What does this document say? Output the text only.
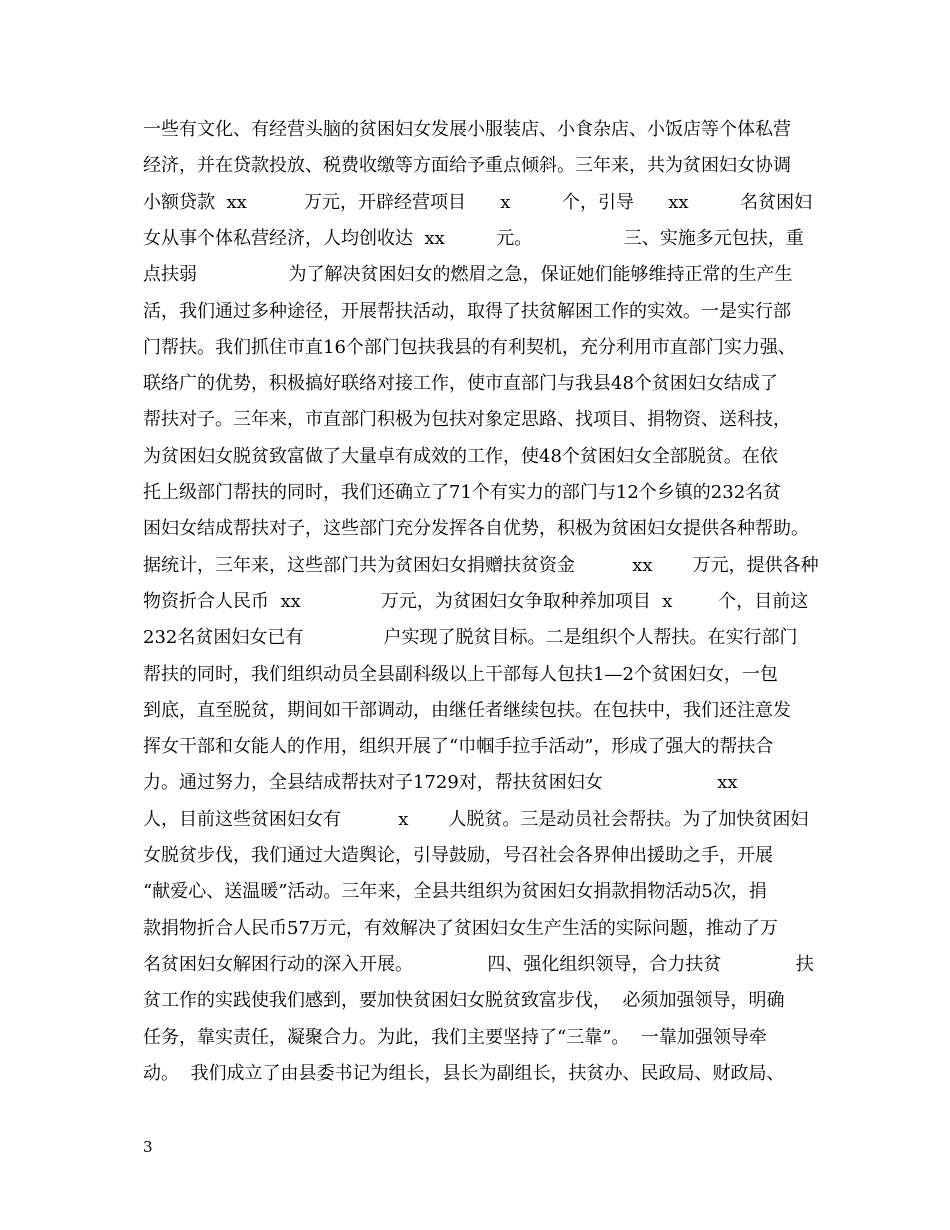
一些有文化、有经营头脑的贫困妇女发展小服装店、小食杂店、小饭店等个体私营
经济，并在贷款投放、税费收缴等方面给予重点倾斜。三年来，共为贫困妇女协调
小额贷款  xx          万元，开辟经营项目      x         个，引导      xx         名贫困妇
女从事个体私营经济，人均创收达  xx         元。                三、实施多元包扶，重
点扶弱                为了解决贫困妇女的燃眉之急，保证她们能够维持正常的生产生
活，我们通过多种途径，开展帮扶活动，取得了扶贫解困工作的实效。一是实行部
门帮扶。我们抓住市直16个部门包扶我县的有利契机，充分利用市直部门实力强、
联络广的优势，积极搞好联络对接工作，使市直部门与我县48个贫困妇女结成了
帮扶对子。三年来，市直部门积极为包扶对象定思路、找项目、捐物资、送科技，
为贫困妇女脱贫致富做了大量卓有成效的工作，使48个贫困妇女全部脱贫。在依
托上级部门帮扶的同时，我们还确立了71个有实力的部门与12个乡镇的232名贫
困妇女结成帮扶对子，这些部门充分发挥各自优势，积极为贫困妇女提供各种帮助。
据统计，三年来，这些部门共为贫困妇女捐赠扶贫资金          xx       万元，提供各种
物资折合人民币  xx              万元，为贫困妇女争取种养加项目  x        个，目前这
232名贫困妇女已有              户实现了脱贫目标。二是组织个人帮扶。在实行部门
帮扶的同时，我们组织动员全县副科级以上干部每人包扶1—2个贫困妇女，一包
到底，直至脱贫，期间如干部调动，由继任者继续包扶。在包扶中，我们还注意发
挥女干部和女能人的作用，组织开展了“巾帼手拉手活动”，形成了强大的帮扶合
力。通过努力，全县结成帮扶对子1729对，帮扶贫困妇女                    xx
人，目前这些贫困妇女有          x       人脱贫。三是动员社会帮扶。为了加快贫困妇
女脱贫步伐，我们通过大造舆论，引导鼓励，号召社会各界伸出援助之手，开展
“献爱心、送温暖”活动。三年来，全县共组织为贫困妇女捐款捐物活动5次，捐
款捐物折合人民币57万元，有效解决了贫困妇女生产生活的实际问题，推动了万
名贫困妇女解困行动的深入开展。             四、强化组织领导，合力扶贫             扶
贫工作的实践使我们感到，要加快贫困妇女脱贫致富步伐，  必须加强领导，明确
任务，靠实责任，凝聚合力。为此，我们主要坚持了“三靠”。  一靠加强领导牵
动。  我们成立了由县委书记为组长，县长为副组长，扶贫办、民政局、财政局、
3
